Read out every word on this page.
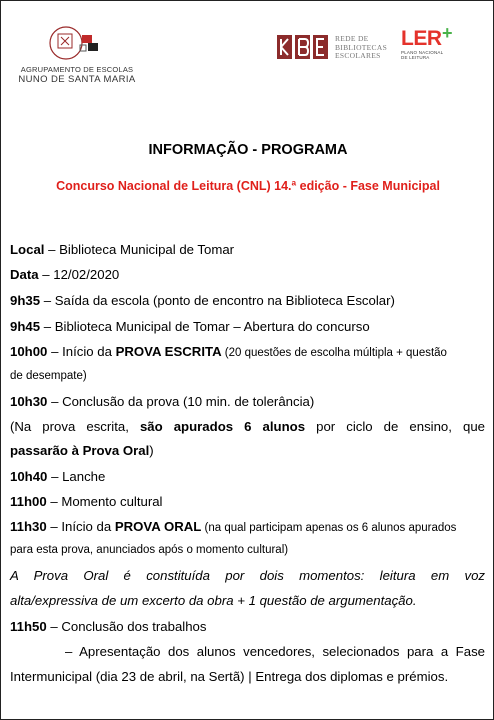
AGRUPAMENTO DE ESCOLAS
NUNO DE SANTA MARIA
REDE DE
BIBLIOTECAS
ESCOLARES
LER +
PLANO NACIONAL
DE LEITURA
INFORMAÇÃO - PROGRAMA
Concurso Nacional de Leitura (CNL) 14.ª edição - Fase Municipal
Local – Biblioteca Municipal de Tomar
Data – 12/02/2020
9h35 – Saída da escola (ponto de encontro na Biblioteca Escolar)
9h45 – Biblioteca Municipal de Tomar – Abertura do concurso
10h00 – Início da PROVA ESCRITA (20 questões de escolha múltipla + questão
de desempate)
10h30 – Conclusão da prova (10 min. de tolerância)
(Na prova escrita, são apurados 6 alunos por ciclo de ensino, que
passarão à Prova Oral)
10h40 – Lanche
11h00 – Momento cultural
11h30 – Início da PROVA ORAL (na qual participam apenas os 6 alunos apurados
para esta prova, anunciados após o momento cultural)
A Prova Oral é constituída por dois momentos: leitura em voz
alta/expressiva de um excerto da obra + 1 questão de argumentação.
11h50 – Conclusão dos trabalhos
– Apresentação dos alunos vencedores, selecionados para a Fase
Intermunicipal (dia 23 de abril, na Sertã) | Entrega dos diplomas e prémios.
